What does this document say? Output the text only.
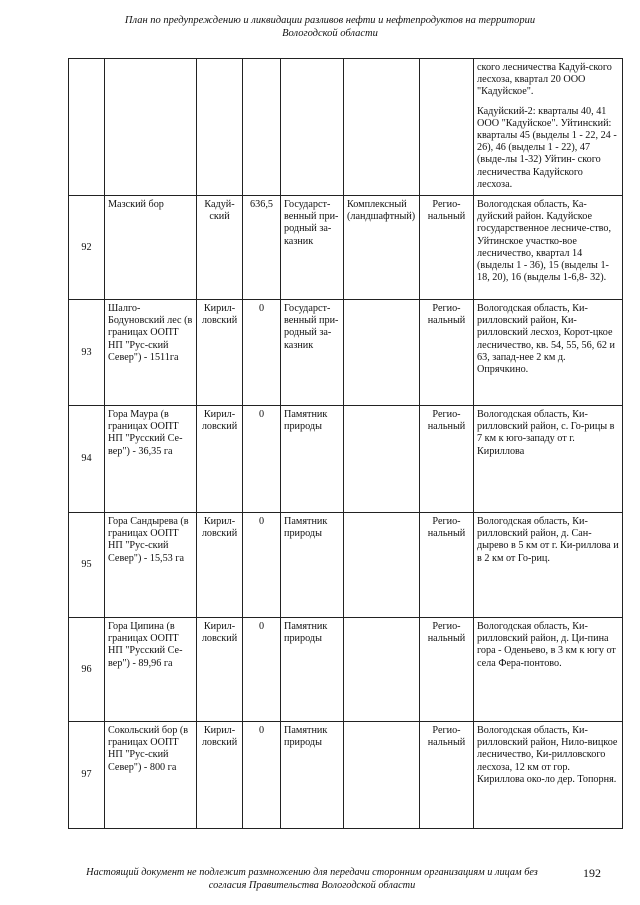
План по предупреждению и ликвидации разливов нефти и нефтепродуктов на территории
Вологодской области

							ского лесничества Кадуй-ского лесхоза, квартал 20 ООО "Кадуйское".

Кадуйский-2: кварталы 40, 41 ООО "Кадуйское". Уйтинский: кварталы 45 (выделы 1 - 22, 24 - 26), 46 (выделы 1 - 22), 47 (выде-лы 1-32) Уйтин- ского лесничества Кадуйского лесхоза.

92	Мазский бор	Кадуй-ский	636,5	Государст-венный при-родный за-казник	Комплексный (ландшафтный)	Регио-нальный	Вологодская область, Ка-дуйский район. Кадуйское государственное лесниче-ство, Уйтинское участко-вое лесничество, квартал 14 (выделы 1 - 36), 15 (выделы 1- 18, 20), 16 (выделы 1-6,8- 32).
93	Шалго-Бодуновский лес (в границах ООПТ НП "Рус-ский Север") - 1511га	Кирил-ловский	0	Государст-венный при-родный за-казник		Регио-нальный	Вологодская область, Ки-рилловский район, Ки-рилловский лесхоз, Корот-цкое лесничество, кв. 54, 55, 56, 62 и 63, запад-нее 2 км д. Опрячкино.
94	Гора Маура (в границах ООПТ НП "Русский Се-вер") - 36,35 га	Кирил-ловский	0	Памятник природы		Регио-нальный	Вологодская область, Ки-рилловский район, с. Го-рицы в 7 км к юго-западу от г. Кириллова
95	Гора Сандырева (в границах ООПТ НП "Рус-ский Север") - 15,53 га	Кирил-ловский	0	Памятник природы		Регио-нальный	Вологодская область, Ки-рилловский район, д. Сан-дырево в 5 км от г. Ки-риллова и в 2 км от Го-риц.
96	Гора Ципина (в границах ООПТ НП "Русский Се-вер") - 89,96 га	Кирил-ловский	0	Памятник природы		Регио-нальный	Вологодская область, Ки-рилловский район, д. Ци-пина гора - Оденьево, в 3 км к югу от села Фера-понтово.
97	Сокольский бор (в границах ООПТ НП "Рус-ский Север") - 800 га	Кирил-ловский	0	Памятник природы		Регио-нальный	Вологодская область, Ки-рилловский район, Нило-вицкое лесничество, Ки-рилловского лесхоза, 12 км от гор. Кириллова око-ло дер. Топорня.
Настоящий документ не подлежит размножению для передачи сторонним организациям и лицам без
согласия Правительства Вологодской области
192
